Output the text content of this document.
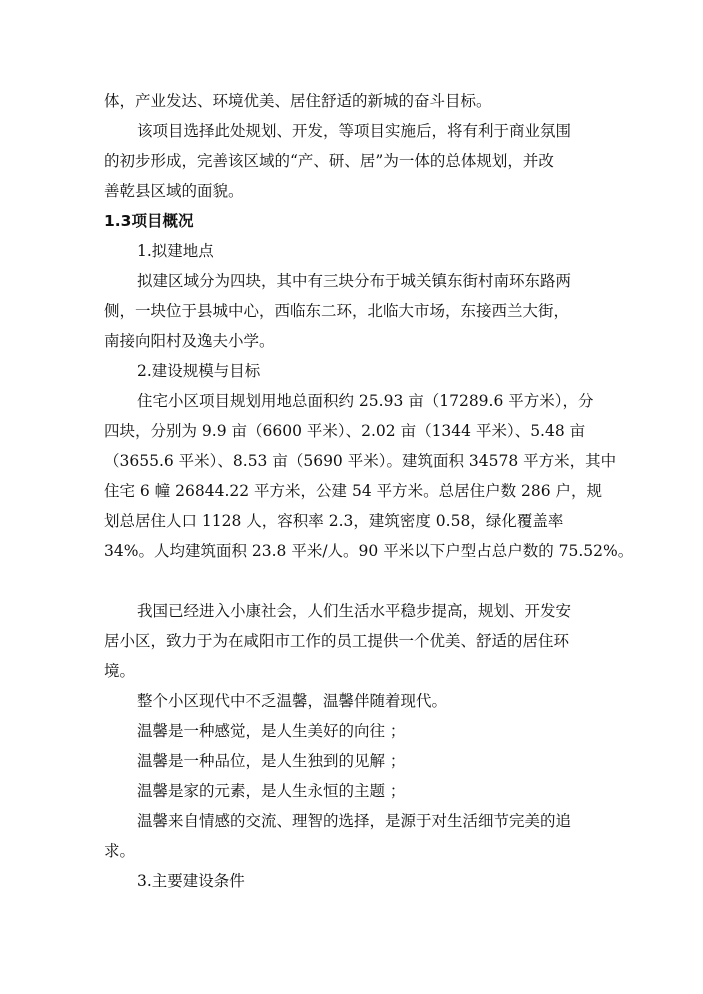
体，产业发达、环境优美、居住舒适的新城的奋斗目标。
该项目选择此处规划、开发，等项目实施后，将有利于商业氛围
的初步形成，完善该区域的“产、研、居”为一体的总体规划，并改
善乾县区域的面貌。
1.3项目概况
1.拟建地点
拟建区域分为四块，其中有三块分布于城关镇东街村南环东路两
侧，一块位于县城中心，西临东二环，北临大市场，东接西兰大街，
南接向阳村及逸夫小学。
2.建设规模与目标
住宅小区项目规划用地总面积约 25.93 亩（17289.6 平方米），分
四块，分别为 9.9 亩（6600 平米）、2.02 亩（1344 平米）、5.48 亩
（3655.6 平米）、8.53 亩（5690 平米）。建筑面积 34578 平方米，其中
住宅 6 幢 26844.22 平方米，公建 54 平方米。总居住户数 286 户，规
划总居住人口 1128 人，容积率 2.3，建筑密度 0.58，绿化覆盖率
34%。人均建筑面积 23.8 平米/人。90 平米以下户型占总户数的 75.52%。
我国已经进入小康社会，人们生活水平稳步提高，规划、开发安
居小区，致力于为在咸阳市工作的员工提供一个优美、舒适的居住环
境。
整个小区现代中不乏温馨，温馨伴随着现代。
温馨是一种感觉，是人生美好的向往 ；
温馨是一种品位，是人生独到的见解 ；
温馨是家的元素，是人生永恒的主题 ；
温馨来自情感的交流、理智的选择，是源于对生活细节完美的追
求。
3.主要建设条件
